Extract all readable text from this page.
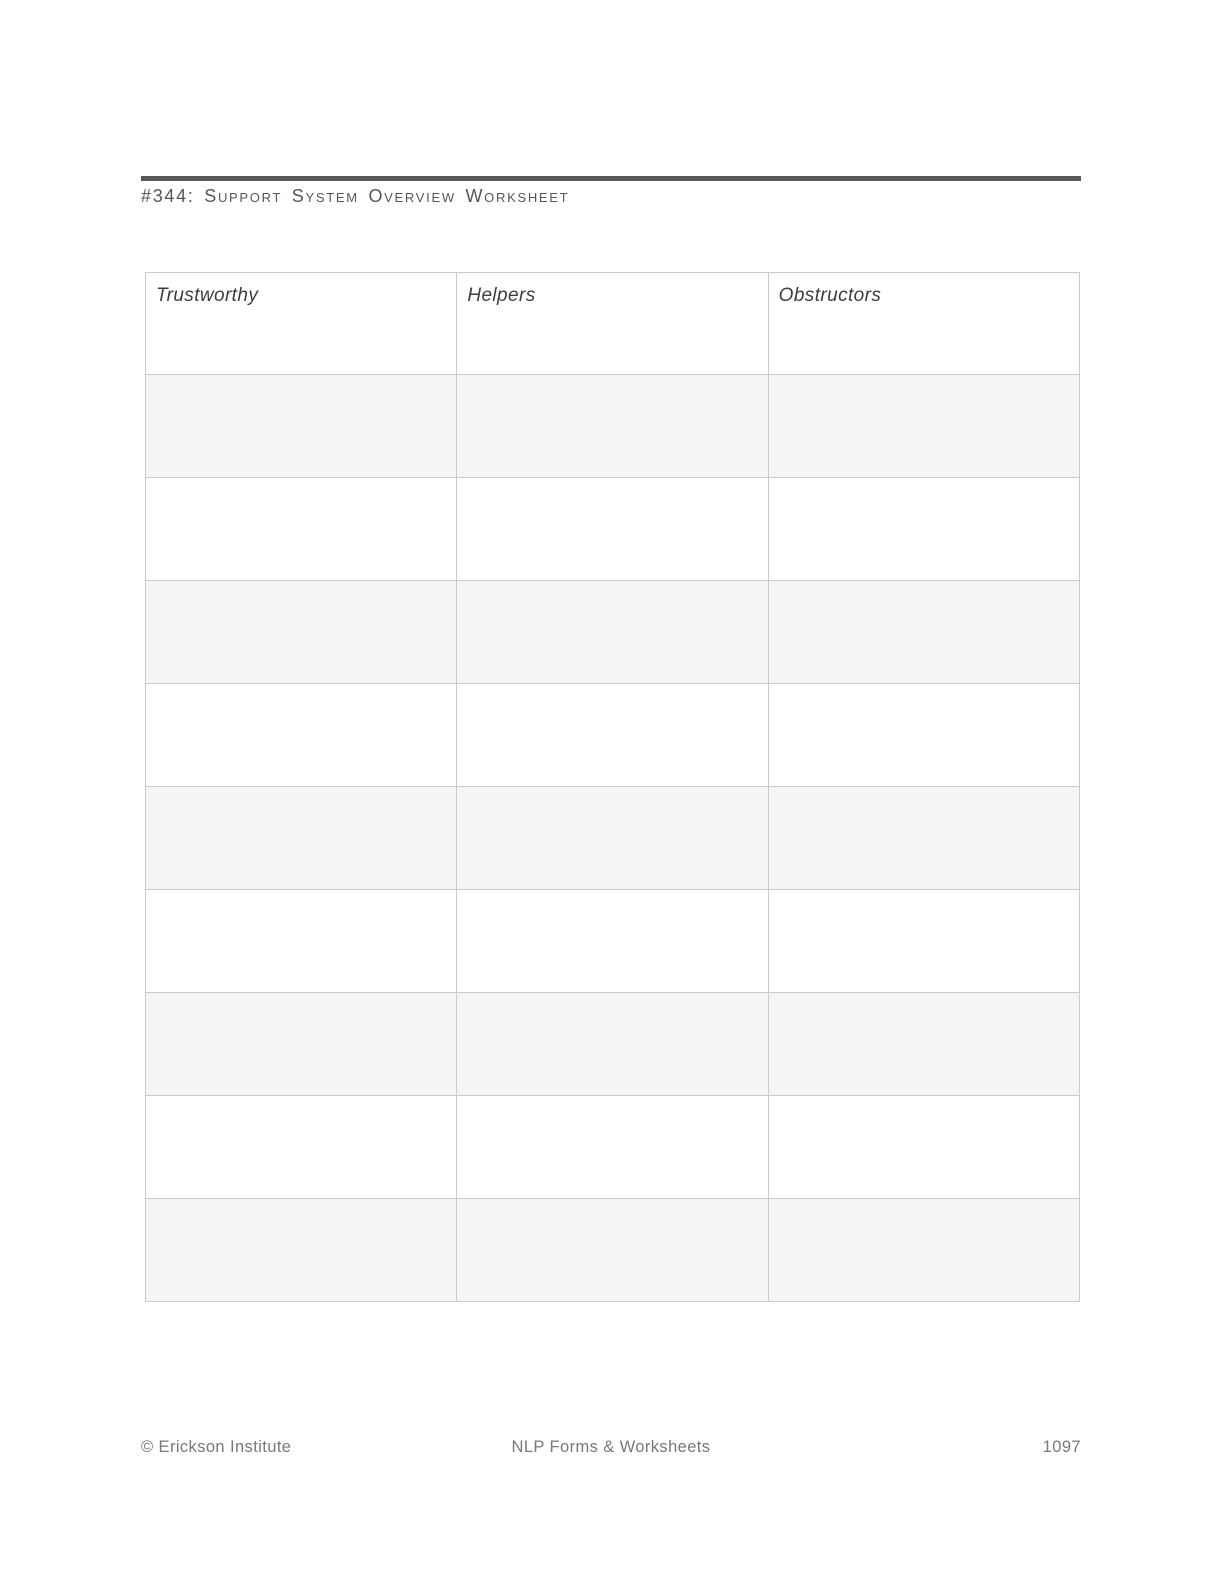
#344: Support System Overview Worksheet
Trustworthy	Helpers	Obstructors

© Erickson Institute	NLP Forms & Worksheets	1097
